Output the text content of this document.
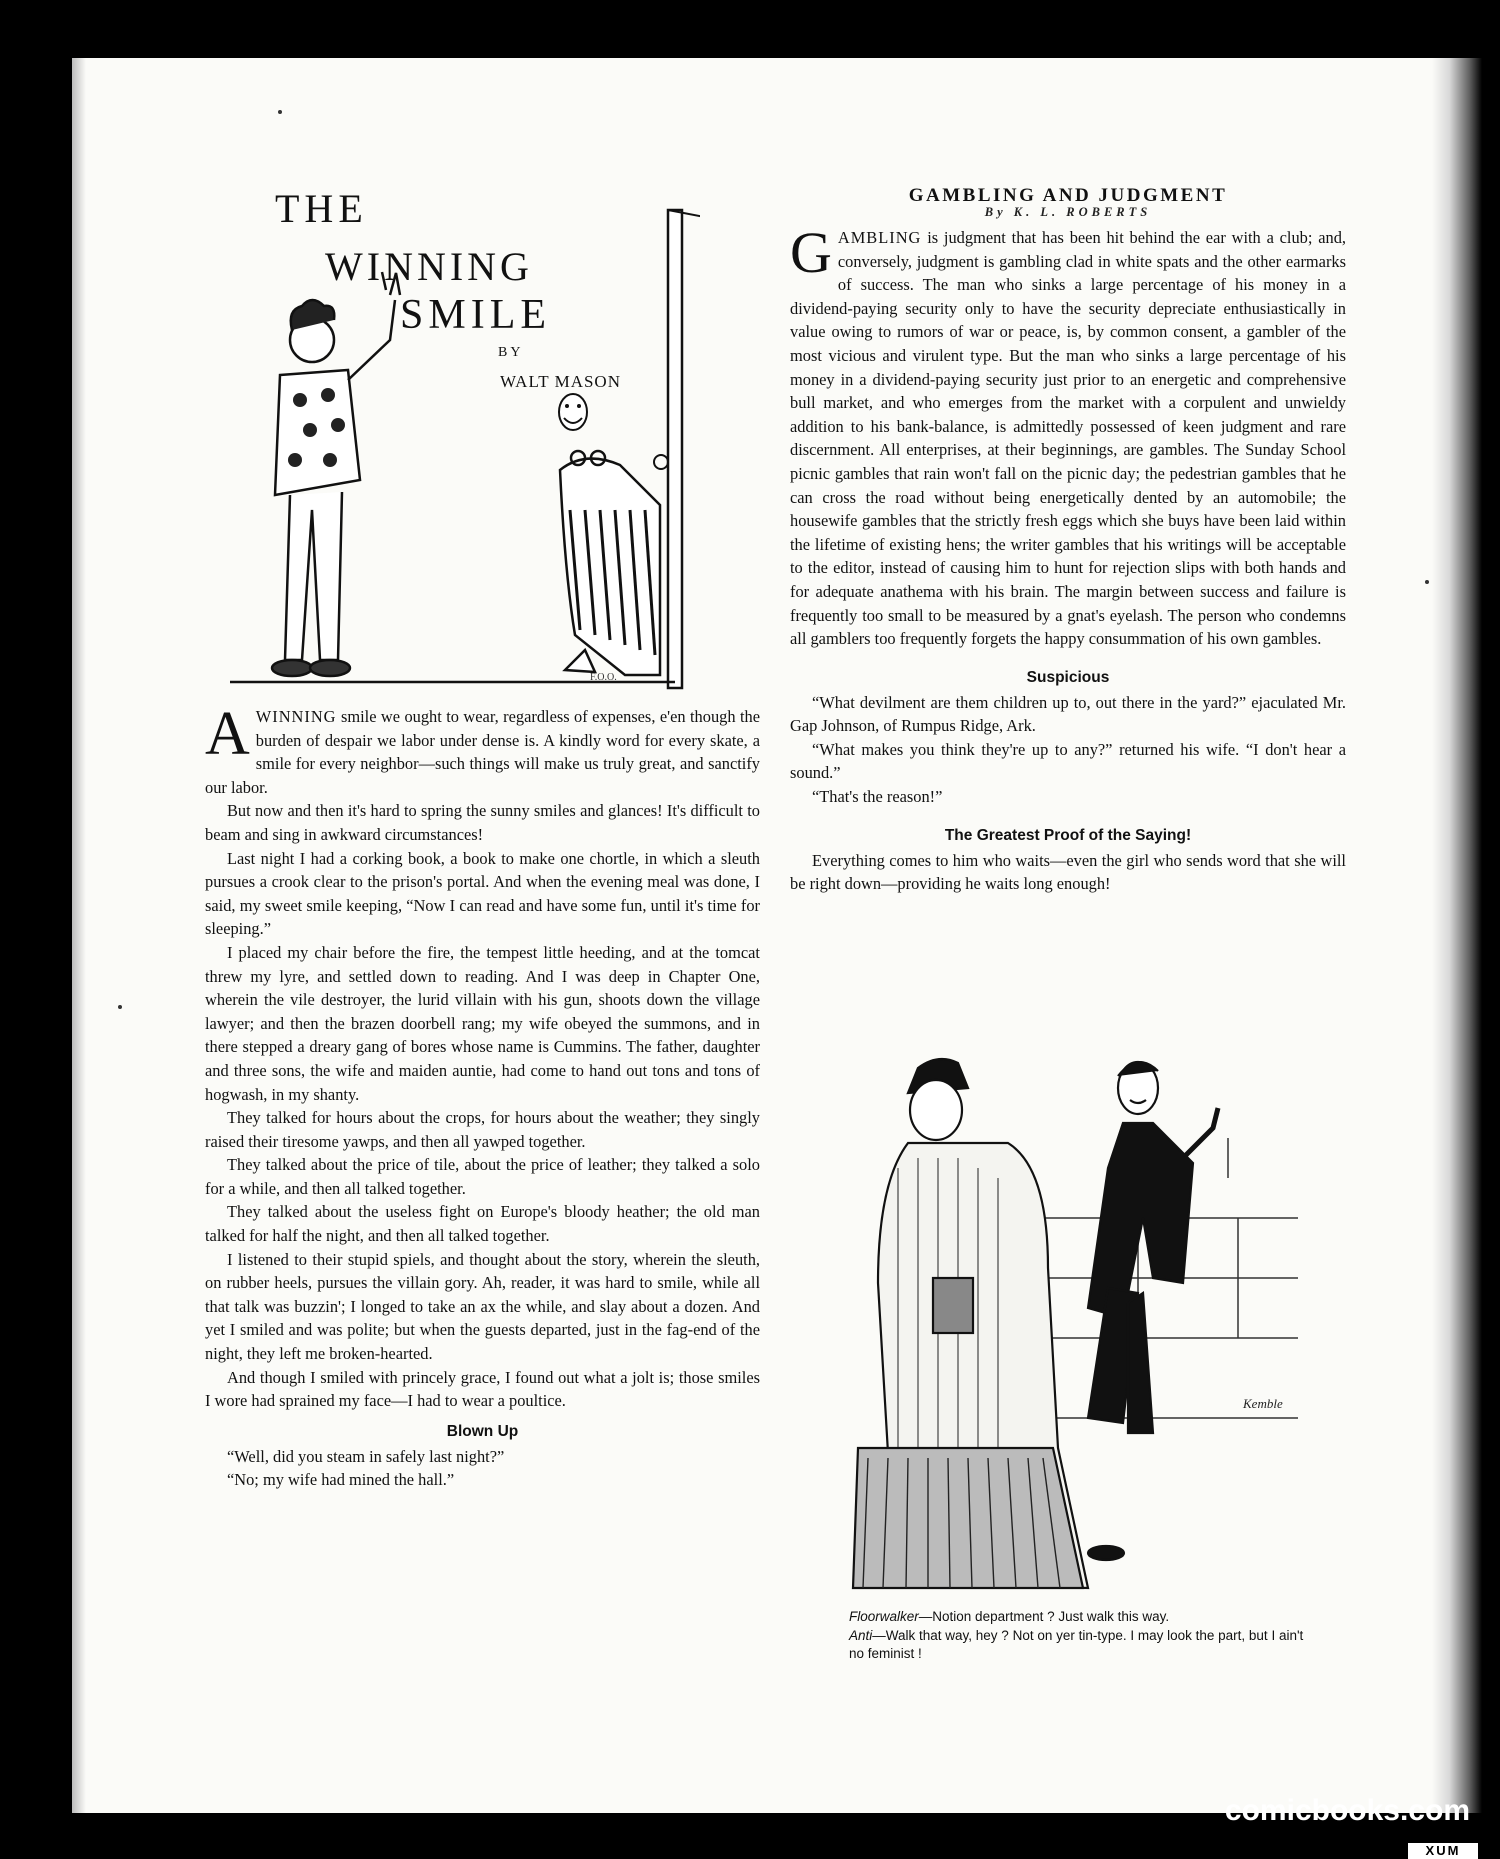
THE
WINNING
SMILE
BY
WALT MASON
F.O.O.

AWINNING smile we ought to wear, regardless of expenses, e'en though the burden of despair we labor under dense is. A kindly word for every skate, a smile for every neighbor—such things will make us truly great, and sanctify our labor.

But now and then it's hard to spring the sunny smiles and glances! It's difficult to beam and sing in awkward circumstances!

Last night I had a corking book, a book to make one chortle, in which a sleuth pursues a crook clear to the prison's portal. And when the evening meal was done, I said, my sweet smile keeping, “Now I can read and have some fun, until it's time for sleeping.”

I placed my chair before the fire, the tempest little heeding, and at the tomcat threw my lyre, and settled down to reading. And I was deep in Chapter One, wherein the vile destroyer, the lurid villain with his gun, shoots down the village lawyer; and then the brazen doorbell rang; my wife obeyed the summons, and in there stepped a dreary gang of bores whose name is Cummins. The father, daughter and three sons, the wife and maiden auntie, had come to hand out tons and tons of hogwash, in my shanty.

They talked for hours about the crops, for hours about the weather; they singly raised their tiresome yawps, and then all yawped together.

They talked about the price of tile, about the price of leather; they talked a solo for a while, and then all talked together.

They talked about the useless fight on Europe's bloody heather; the old man talked for half the night, and then all talked together.

I listened to their stupid spiels, and thought about the story, wherein the sleuth, on rubber heels, pursues the villain gory. Ah, reader, it was hard to smile, while all that talk was buzzin'; I longed to take an ax the while, and slay about a dozen. And yet I smiled and was polite; but when the guests departed, just in the fag-end of the night, they left me broken-hearted.

And though I smiled with princely grace, I found out what a jolt is; those smiles I wore had sprained my face—I had to wear a poultice.

Blown Up

“Well, did you steam in safely last night?”

“No; my wife had mined the hall.”

GAMBLING AND JUDGMENT
By K. L. ROBERTS

GAMBLING is judgment that has been hit behind the ear with a club; and, conversely, judgment is gambling clad in white spats and the other earmarks of success. The man who sinks a large percentage of his money in a dividend-paying security only to have the security depreciate enthusiastically in value owing to rumors of war or peace, is, by common consent, a gambler of the most vicious and virulent type. But the man who sinks a large percentage of his money in a dividend-paying security just prior to an energetic and comprehensive bull market, and who emerges from the market with a corpulent and unwieldy addition to his bank-balance, is admittedly possessed of keen judgment and rare discernment. All enterprises, at their beginnings, are gambles. The Sunday School picnic gambles that rain won't fall on the picnic day; the pedestrian gambles that he can cross the road without being energetically dented by an automobile; the housewife gambles that the strictly fresh eggs which she buys have been laid within the lifetime of existing hens; the writer gambles that his writings will be acceptable to the editor, instead of causing him to hunt for rejection slips with both hands and for adequate anathema with his brain. The margin between success and failure is frequently too small to be measured by a gnat's eyelash. The person who condemns all gamblers too frequently forgets the happy consummation of his own gambles.

Suspicious

“What devilment are them children up to, out there in the yard?” ejaculated Mr. Gap Johnson, of Rumpus Ridge, Ark.

“What makes you think they're up to any?” returned his wife. “I don't hear a sound.”

“That's the reason!”

The Greatest Proof of the Saying!

Everything comes to him who waits—even the girl who sends word that she will be right down—providing he waits long enough!

Kemble
Floorwalker—Notion department ? Just walk this way.
Anti—Walk that way, hey ? Not on yer tin-type. I may look the part, but I ain't no feminist !
comicbooks.com
XUM
